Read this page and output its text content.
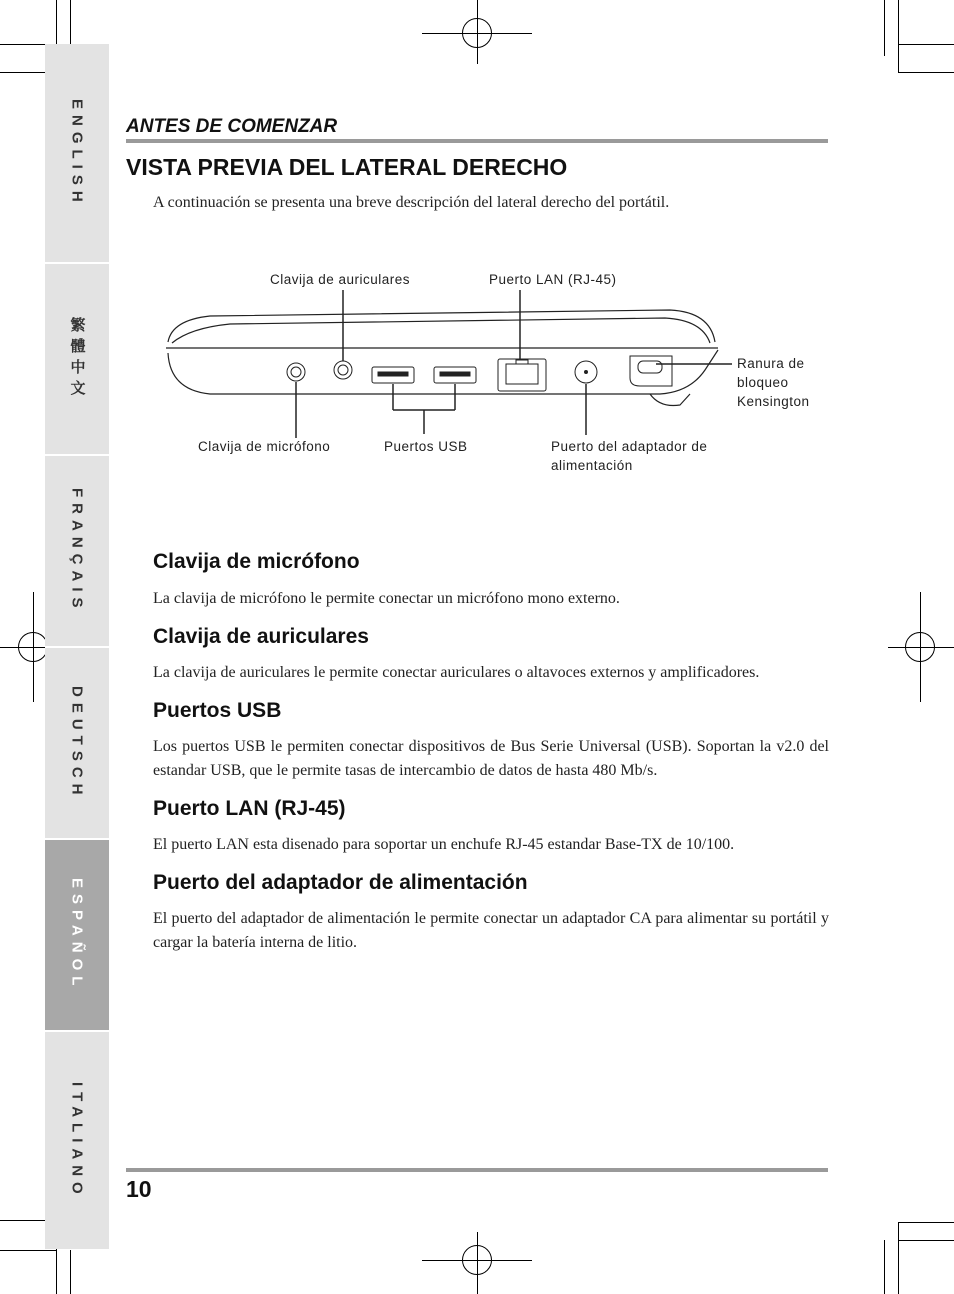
ENGLISH
繁體中文
FRANÇAIS
DEUTSCH
ESPAÑOL
ITALIANO
ANTES DE COMENZAR
VISTA PREVIA DEL LATERAL DERECHO
A continuación se presenta una breve descripción del lateral derecho del portátil.
Clavija de auriculares	Puerto LAN (RJ-45)
Ranura de
bloqueo
Kensington
Clavija de micrófono	Puertos USB	Puerto del adaptador de
alimentación
Clavija de micrófono
La clavija de micrófono le permite conectar un micrófono mono externo.
Clavija de auriculares
La clavija de auriculares le permite conectar auriculares o altavoces externos y amplificadores.
Puertos USB
Los puertos USB le permiten conectar dispositivos de Bus Serie Universal (USB). Soportan la v2.0 del estandar USB, que le permite tasas de intercambio de datos de hasta 480 Mb/s.
Puerto LAN (RJ-45)
El puerto LAN esta disenado para soportar un enchufe RJ-45 estandar Base-TX de 10/100.
Puerto del adaptador de alimentación
El puerto del adaptador de alimentación le permite conectar un adaptador CA para alimentar su portátil y cargar la batería interna de litio.
10
